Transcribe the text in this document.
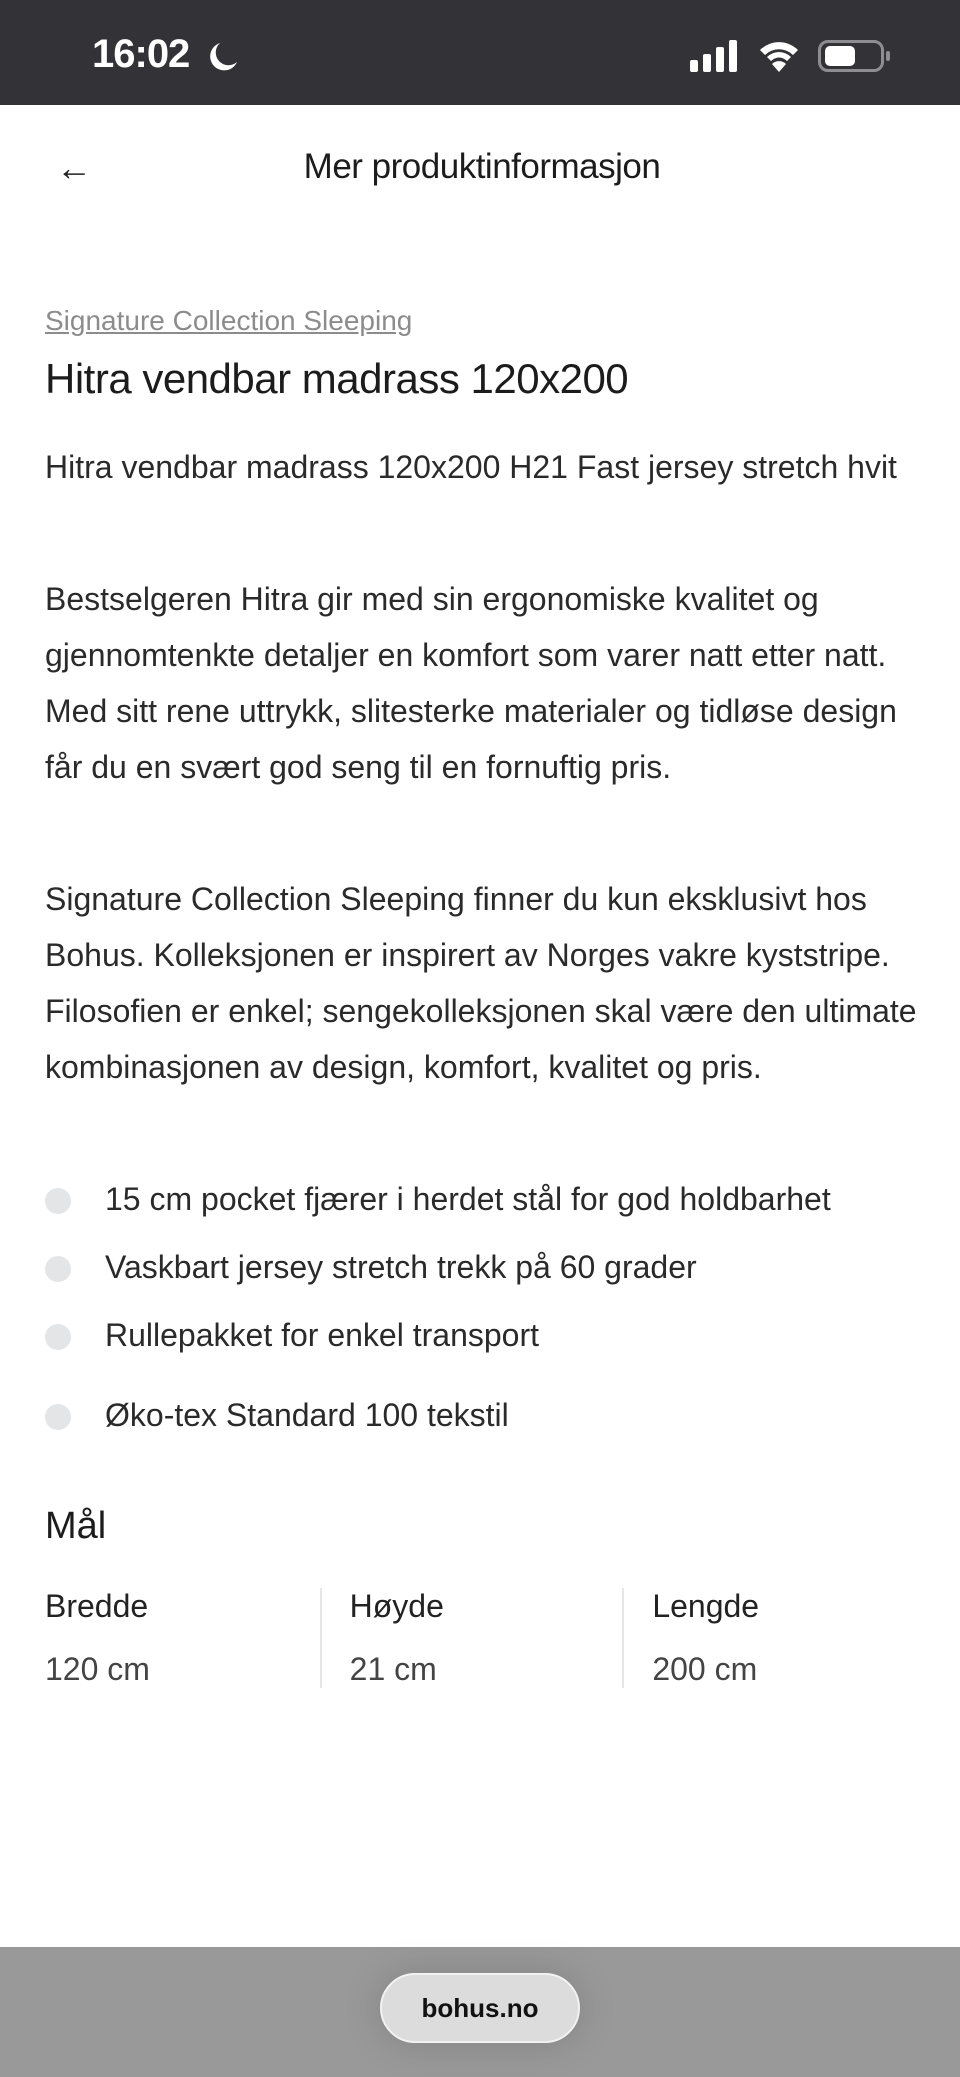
16:02
←	Mer produktinformasjon
Signature Collection Sleeping
Hitra vendbar madrass 120x200

Hitra vendbar madrass 120x200 H21 Fast jersey stretch hvit

Bestselgeren Hitra gir med sin ergonomiske kvalitet og gjennomtenkte detaljer en komfort som varer natt etter natt. Med sitt rene uttrykk, slitesterke materialer og tidløse design får du en svært god seng til en fornuftig pris.

Signature Collection Sleeping finner du kun eksklusivt hos Bohus. Kolleksjonen er inspirert av Norges vakre kyststripe. Filosofien er enkel; sengekolleksjonen skal være den ultimate kombinasjonen av design, komfort, kvalitet og pris.

15 cm pocket fjærer i herdet stål for god holdbarhet
Vaskbart jersey stretch trekk på 60 grader
Rullepakket for enkel transport
Øko-tex Standard 100 tekstil
Mål
Bredde
120 cm
Høyde
21 cm
Lengde
200 cm
bohus.no
